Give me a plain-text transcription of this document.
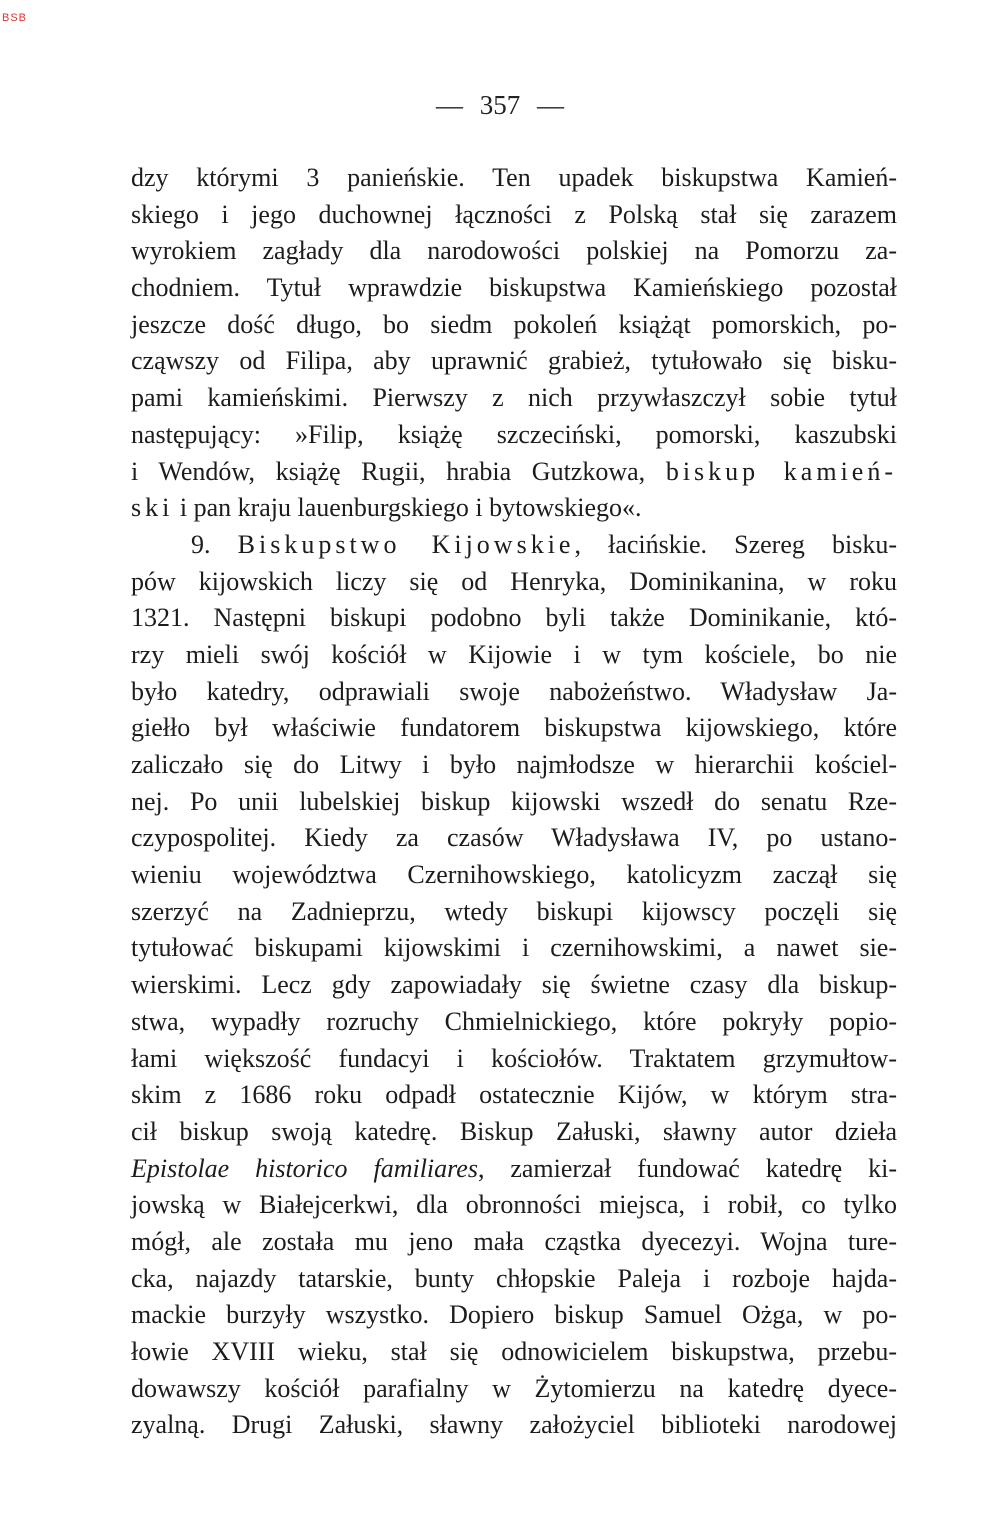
BSB
— 357 —
dzy którymi 3 panieńskie. Ten upadek biskupstwa Kamień-
skiego i jego duchownej łączności z Polską stał się zarazem
wyrokiem zagłady dla narodowości polskiej na Pomorzu za-
chodniem. Tytuł wprawdzie biskupstwa Kamieńskiego pozostał
jeszcze dość długo, bo siedm pokoleń książąt pomorskich, po-
cząwszy od Filipa, aby uprawnić grabież, tytułowało się bisku-
pami kamieńskimi. Pierwszy z nich przywłaszczył sobie tytuł
następujący: »Filip, książę szczeciński, pomorski, kaszubski
i Wendów, książę Rugii, hrabia Gutzkowa, biskup kamień-
ski i pan kraju lauenburgskiego i bytowskiego«.
9. Biskupstwo Kijowskie, łacińskie. Szereg bisku-
pów kijowskich liczy się od Henryka, Dominikanina, w roku
1321. Następni biskupi podobno byli także Dominikanie, któ-
rzy mieli swój kościół w Kijowie i w tym kościele, bo nie
było katedry, odprawiali swoje nabożeństwo. Władysław Ja-
giełło był właściwie fundatorem biskupstwa kijowskiego, które
zaliczało się do Litwy i było najmłodsze w hierarchii kościel-
nej. Po unii lubelskiej biskup kijowski wszedł do senatu Rze-
czypospolitej. Kiedy za czasów Władysława IV, po ustano-
wieniu województwa Czernihowskiego, katolicyzm zaczął się
szerzyć na Zadnieprzu, wtedy biskupi kijowscy poczęli się
tytułować biskupami kijowskimi i czernihowskimi, a nawet sie-
wierskimi. Lecz gdy zapowiadały się świetne czasy dla biskup-
stwa, wypadły rozruchy Chmielnickiego, które pokryły popio-
łami większość fundacyi i kościołów. Traktatem grzymułtow-
skim z 1686 roku odpadł ostatecznie Kijów, w którym stra-
cił biskup swoją katedrę. Biskup Załuski, sławny autor dzieła
Epistolae historico familiares, zamierzał fundować katedrę ki-
jowską w Białejcerkwi, dla obronności miejsca, i robił, co tylko
mógł, ale została mu jeno mała cząstka dyecezyi. Wojna ture-
cka, najazdy tatarskie, bunty chłopskie Paleja i rozboje hajda-
mackie burzyły wszystko. Dopiero biskup Samuel Ożga, w po-
łowie XVIII wieku, stał się odnowicielem biskupstwa, przebu-
dowawszy kościół parafialny w Żytomierzu na katedrę dyece-
zyalną. Drugi Załuski, sławny założyciel biblioteki narodowej
